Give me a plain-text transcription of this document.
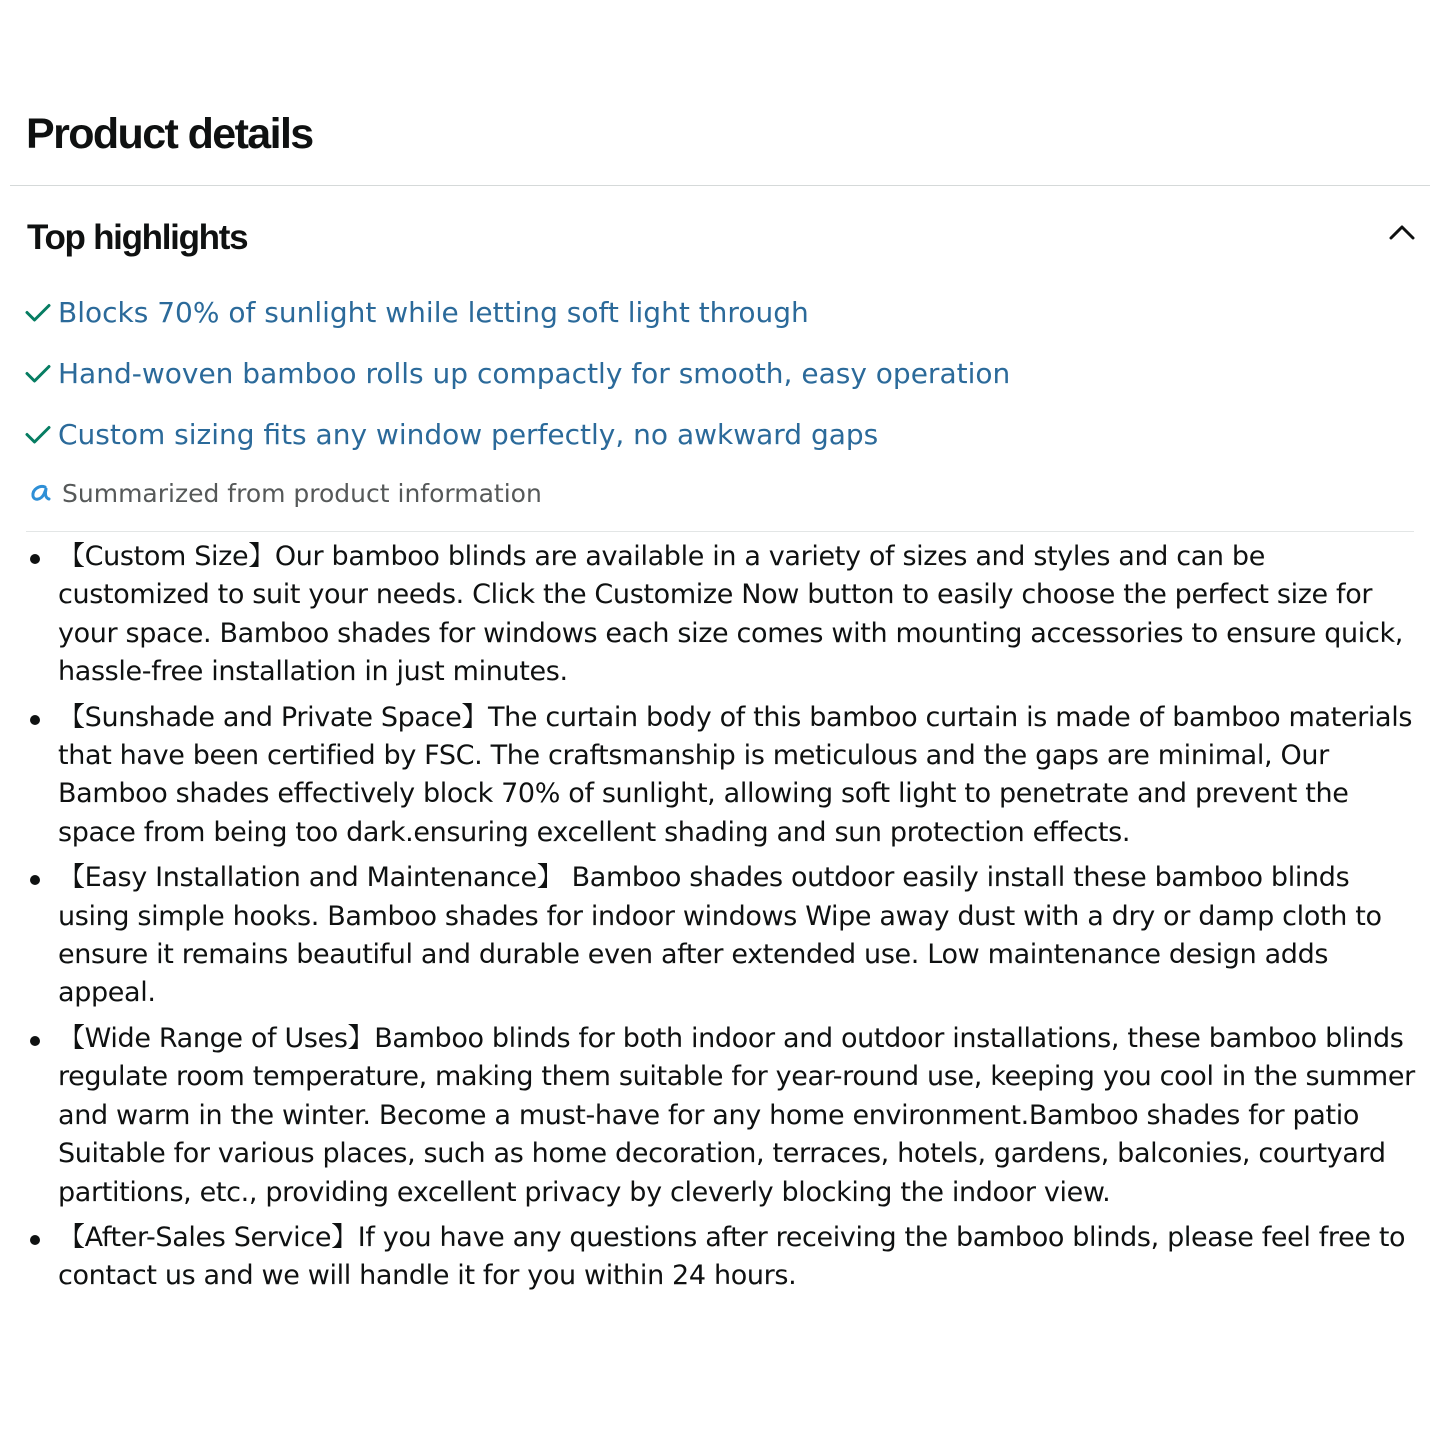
Product details
Top highlights
Blocks 70% of sunlight while letting soft light through
Hand-woven bamboo rolls up compactly for smooth, easy operation
Custom sizing fits any window perfectly, no awkward gaps
Summarized from product information
【Custom Size】Our bamboo blinds are available in a variety of sizes and styles and can be customized to suit your needs. Click the Customize Now button to easily choose the perfect size for your space. Bamboo shades for windows each size comes with mounting accessories to ensure quick, hassle-free installation in just minutes.
【Sunshade and Private Space】The curtain body of this bamboo curtain is made of bamboo materials that have been certified by FSC. The craftsmanship is meticulous and the gaps are minimal, Our Bamboo shades effectively block 70% of sunlight, allowing soft light to penetrate and prevent the space from being too dark.ensuring excellent shading and sun protection effects.
【Easy Installation and Maintenance】 Bamboo shades outdoor easily install these bamboo blinds using simple hooks. Bamboo shades for indoor windows Wipe away dust with a dry or damp cloth to ensure it remains beautiful and durable even after extended use. Low maintenance design adds appeal.
【Wide Range of Uses】Bamboo blinds for both indoor and outdoor installations, these bamboo blinds regulate room temperature, making them suitable for year-round use, keeping you cool in the summer and warm in the winter. Become a must-have for any home environment.Bamboo shades for patio Suitable for various places, such as home decoration, terraces, hotels, gardens, balconies, courtyard partitions, etc., providing excellent privacy by cleverly blocking the indoor view.
【After-Sales Service】If you have any questions after receiving the bamboo blinds, please feel free to contact us and we will handle it for you within 24 hours.
